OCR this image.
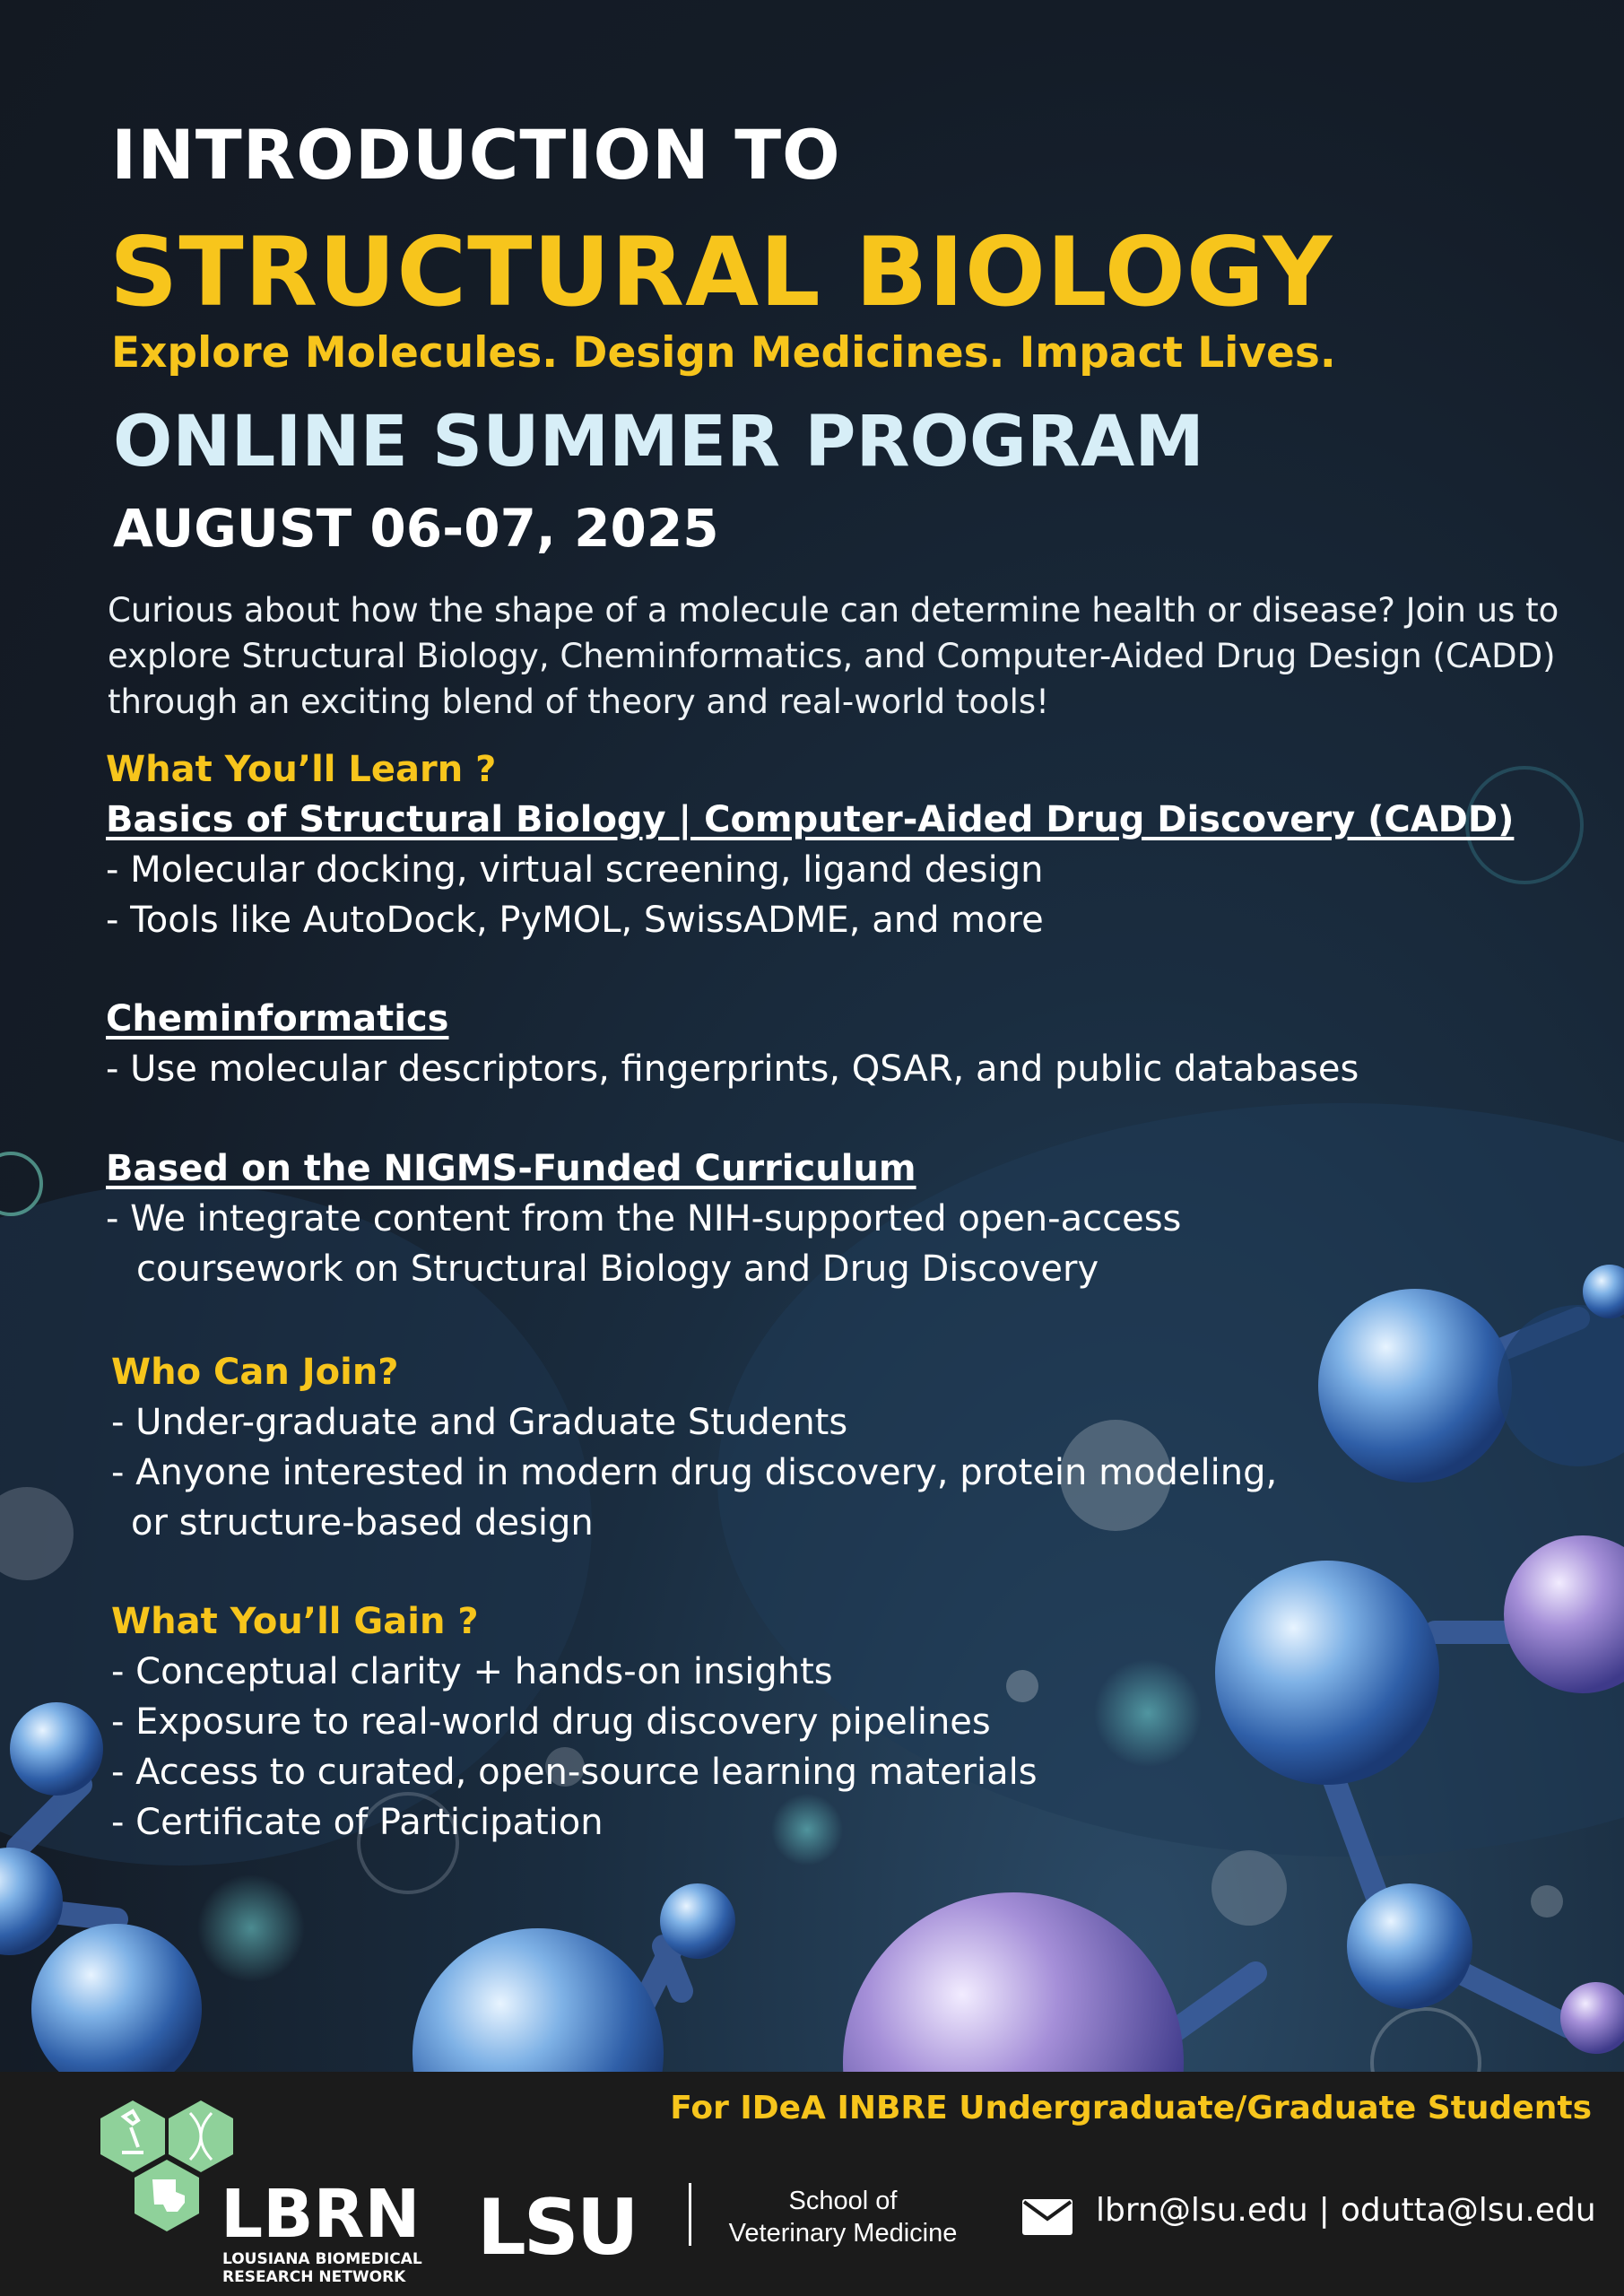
INTRODUCTION TO
STRUCTURAL BIOLOGY
Explore Molecules. Design Medicines. Impact Lives.
ONLINE SUMMER PROGRAM
AUGUST 06-07, 2025
Curious about how the shape of a molecule can determine health or disease? Join us to
explore Structural Biology, Cheminformatics, and Computer-Aided Drug Design (CADD)
through an exciting blend of theory and real-world tools!
What You’ll Learn ?
Basics of Structural Biology | Computer-Aided Drug Discovery (CADD)
- Molecular docking, virtual screening, ligand design
- Tools like AutoDock, PyMOL, SwissADME, and more
Cheminformatics
- Use molecular descriptors, fingerprints, QSAR, and public databases
Based on the NIGMS-Funded Curriculum
- We integrate content from the NIH-supported open-access
coursework on Structural Biology and Drug Discovery
Who Can Join?
- Under-graduate and Graduate Students
- Anyone interested in modern drug discovery, protein modeling,
or structure-based design
What You’ll Gain ?
- Conceptual clarity + hands-on insights
- Exposure to real-world drug discovery pipelines
- Access to curated, open-source learning materials
- Certificate of Participation
For IDeA INBRE Undergraduate/Graduate Students
LBRN
LOUSIANA BIOMEDICAL
RESEARCH NETWORK
LSU	School of
Veterinary Medicine
lbrn@lsu.edu | odutta@lsu.edu
